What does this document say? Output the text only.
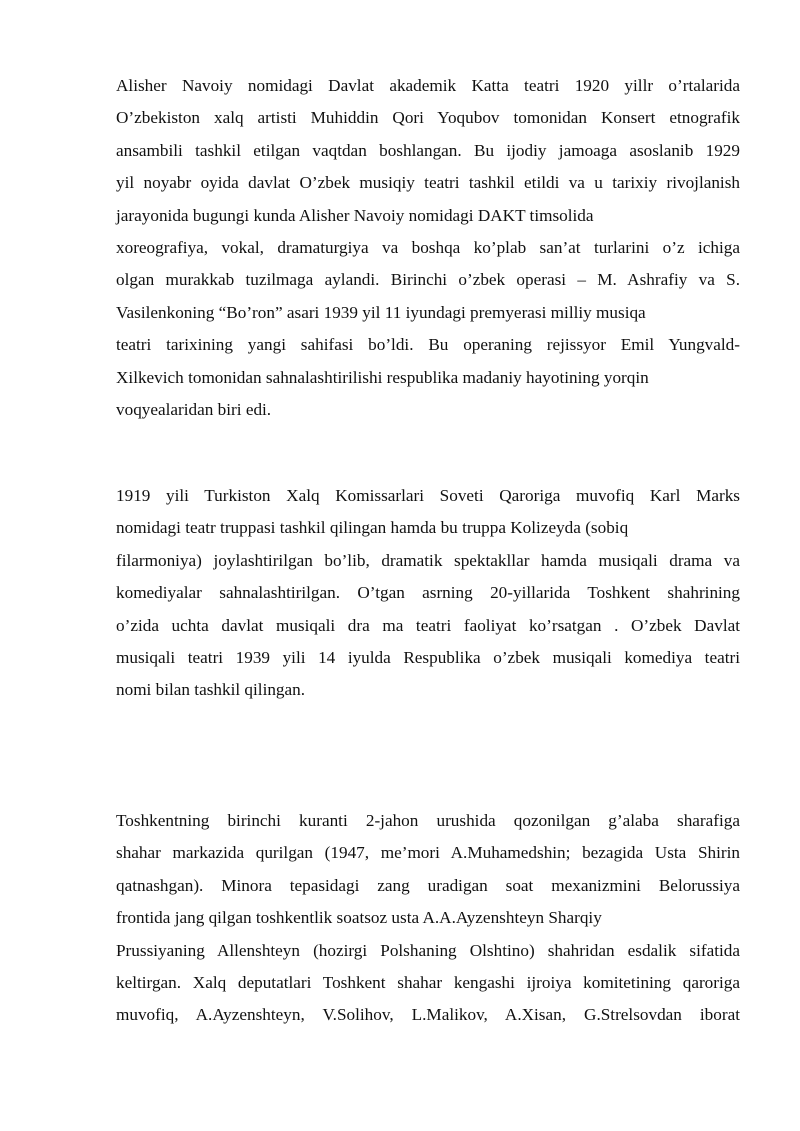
Alisher Navoiy nomidagi Davlat akademik Katta teatri 1920 yillr o’rtalarida
O’zbekiston xalq artisti Muhiddin Qori Yoqubov tomonidan Konsert etnografik
ansambili tashkil etilgan vaqtdan boshlangan. Bu ijodiy jamoaga asoslanib 1929
yil noyabr oyida davlat O’zbek musiqiy teatri tashkil etildi va u tarixiy rivojlanish
jarayonida bugungi kunda Alisher Navoiy nomidagi DAKT timsolida
xoreografiya, vokal, dramaturgiya va boshqa ko’plab san’at turlarini o’z ichiga
olgan murakkab tuzilmaga aylandi. Birinchi o’zbek operasi – M. Ashrafiy va S.
Vasilenkoning “Bo’ron” asari 1939 yil 11 iyundagi premyerasi milliy musiqa
teatri tarixining yangi sahifasi bo’ldi. Bu operaning rejissyor Emil Yungvald-
Xilkevich tomonidan sahnalashtirilishi respublika madaniy hayotining yorqin
voqyealaridan biri edi.
1919 yili Turkiston Xalq Komissarlari Soveti Qaroriga muvofiq Karl Marks
nomidagi teatr truppasi tashkil qilingan hamda bu truppa Kolizeyda (sobiq
filarmoniya) joylashtirilgan bo’lib, dramatik spektakllar hamda musiqali drama va
komediyalar sahnalashtirilgan. O’tgan asrning 20-yillarida Toshkent shahrining
o’zida uchta davlat musiqali dra ma teatri faoliyat ko’rsatgan . O’zbek Davlat
musiqali teatri 1939 yili 14 iyulda Respublika o’zbek musiqali komediya teatri
nomi bilan tashkil qilingan.
Toshkentning birinchi kuranti 2-jahon urushida qozonilgan g’alaba sharafiga
shahar markazida qurilgan (1947, me’mori A.Muhamedshin; bezagida Usta Shirin
qatnashgan). Minora tepasidagi zang uradigan soat mexanizmini Belorussiya
frontida jang qilgan toshkentlik soatsoz usta A.A.Ayzenshteyn Sharqiy
Prussiyaning Allenshteyn (hozirgi Polshaning Olshtino) shahridan esdalik sifatida
keltirgan. Xalq deputatlari Toshkent shahar kengashi ijroiya komitetining qaroriga
muvofiq, A.Ayzenshteyn, V.Solihov, L.Malikov, A.Xisan, G.Strelsovdan iborat
